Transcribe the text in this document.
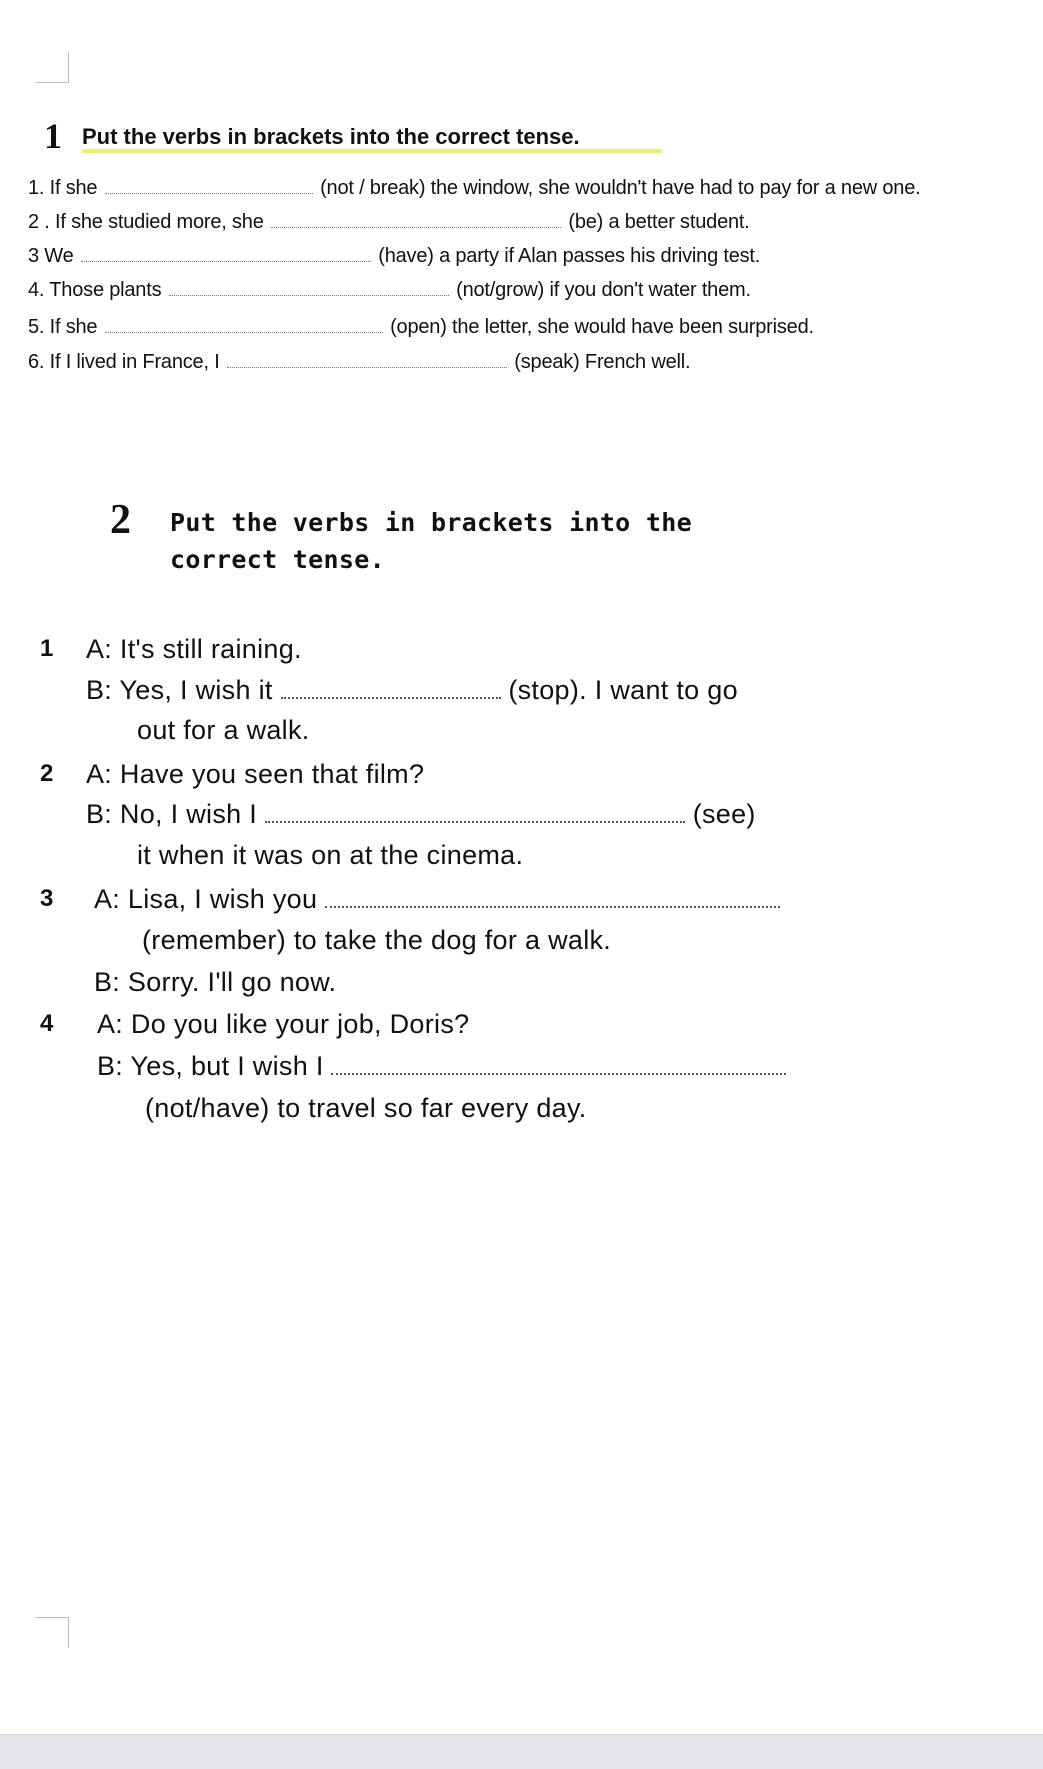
1 Put the verbs in brackets into the correct tense.
1. If she	(not / break) the window, she wouldn't have had to pay for a new one.
2 . If she studied more, she	(be) a better student.
3 We	(have) a party if Alan passes his driving test.
4. Those plants	(not/grow) if you don't water them.
5. If she	(open) the letter, she would have been surprised.
6. If I lived in France, I	(speak) French well.
2 Put the verbs in brackets into the correct tense.
1 A: It's still raining.
B: Yes, I wish it	(stop). I want to go
out for a walk.
2 A: Have you seen that film?
B: No, I wish I	(see)
it when it was on at the cinema.
3 A: Lisa, I wish you
(remember) to take the dog for a walk.
B: Sorry. I'll go now.
4 A: Do you like your job, Doris?
B: Yes, but I wish I
(not/have) to travel so far every day.
